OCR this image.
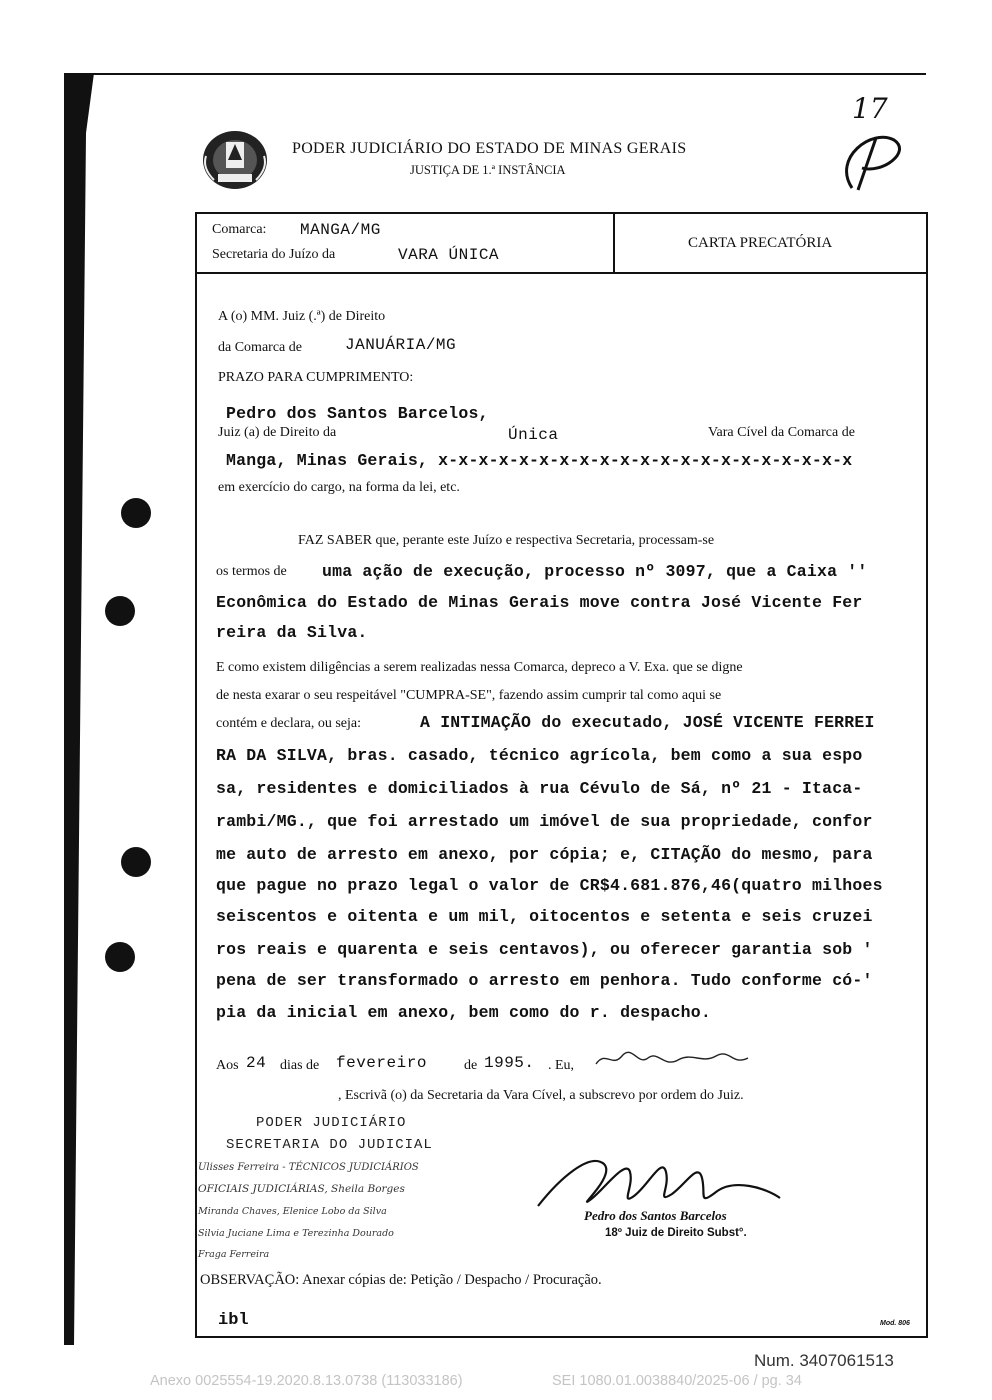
PODER JUDICIÁRIO DO ESTADO DE MINAS GERAIS
JUSTIÇA DE 1.ª INSTÂNCIA
17
Comarca: MANGA/MG
Secretaria do Juízo da	VARA ÚNICA
CARTA PRECATÓRIA
A (o) MM. Juiz (.ª) de Direito
da Comarca de	JANUÁRIA/MG
PRAZO PARA CUMPRIMENTO:
Pedro dos Santos Barcelos,
Juiz (a) de Direito da	Única	Vara Cível da Comarca de
Manga, Minas Gerais, x-x-x-x-x-x-x-x-x-x-x-x-x-x-x-x-x-x-x-x-x
em exercício do cargo, na forma da lei, etc.
FAZ SABER que, perante este Juízo e respectiva Secretaria, processam-se
os termos de uma ação de execução, processo nº 3097, que a Caixa ''
Econômica do Estado de Minas Gerais move contra José Vicente Fer
reira da Silva.
E como existem diligências a serem realizadas nessa Comarca, depreco a V. Exa. que se digne
de nesta exarar o seu respeitável "CUMPRA-SE", fazendo assim cumprir tal como aqui se
contém e declara, ou seja:	A INTIMAÇÃO do executado, JOSÉ VICENTE FERREI
RA DA SILVA, bras. casado, técnico agrícola, bem como a sua espo
sa, residentes e domiciliados à rua Cévulo de Sá, nº 21 - Itaca-
rambi/MG., que foi arrestado um imóvel de sua propriedade, confor
me auto de arresto em anexo, por cópia; e, CITAÇÃO do mesmo, para
que pague no prazo legal o valor de CR$4.681.876,46(quatro milhoes
seiscentos e oitenta e um mil, oitocentos e setenta e seis cruzei
ros reais e quarenta e seis centavos), ou oferecer garantia sob '
pena de ser transformado o arresto em penhora. Tudo conforme có-'
pia da inicial em anexo, bem como do r. despacho.
Aos 24 dias de fevereiro	de 1995. . Eu,
, Escrivã (o) da Secretaria da Vara Cível, a subscrevo por ordem do Juiz.
PODER JUDICIÁRIO
SECRETARIA DO JUDICIAL
Ulisses Ferreira - TÉCNICOS JUDICIÁRIOS
OFICIAIS JUDICIÁRIAS, Sheila Borges
Miranda Chaves, Elenice Lobo da Silva
Silvia Juciane Lima e Terezinha Dourado
Fraga Ferreira
Pedro dos Santos Barcelos
18º Juiz de Direito Subst°.
OBSERVAÇÃO: Anexar cópias de: Petição / Despacho / Procuração.
ibl	Mod. 806
Num. 3407061513
Anexo 0025554-19.2020.8.13.0738 (113033186)	SEI 1080.01.0038840/2025-06 / pg. 34
